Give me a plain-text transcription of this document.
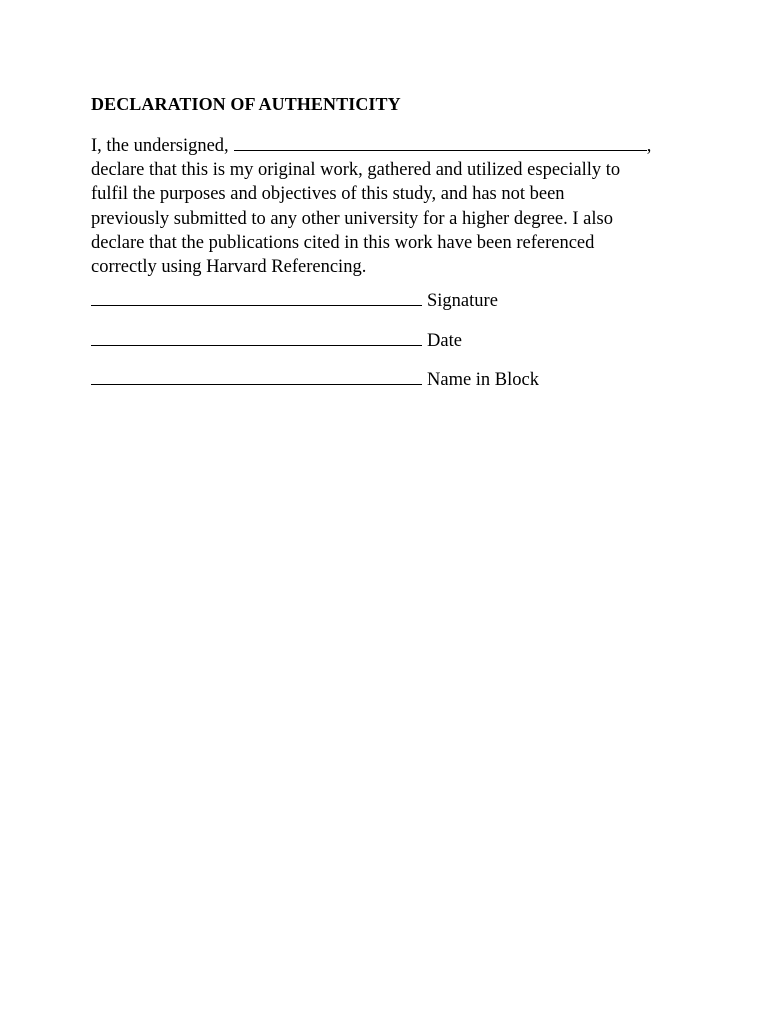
DECLARATION OF AUTHENTICITY
I, the undersigned,	,
declare that this is my original work, gathered and utilized especially to
fulfil the purposes and objectives of this study, and has not been
previously submitted to any other university for a higher degree. I also
declare that the publications cited in this work have been referenced
correctly using Harvard Referencing.
Signature
Date
Name in Block
